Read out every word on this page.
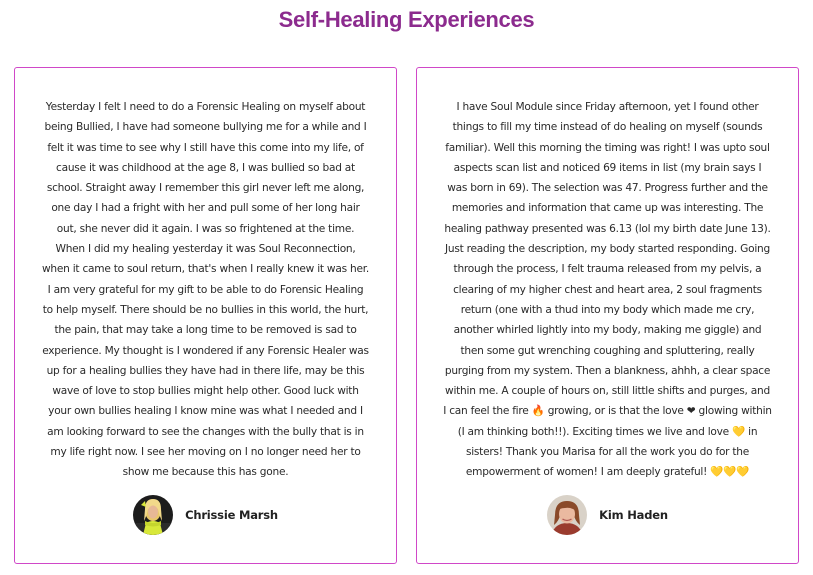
Self-Healing Experiences
Yesterday I felt I need to do a Forensic Healing on myself about being Bullied, I have had someone bullying me for a while and I felt it was time to see why I still have this come into my life, of cause it was childhood at the age 8, I was bullied so bad at school. Straight away I remember this girl never left me along, one day I had a fright with her and pull some of her long hair out, she never did it again. I was so frightened at the time. When I did my healing yesterday it was Soul Reconnection, when it came to soul return, that's when I really knew it was her. I am very grateful for my gift to be able to do Forensic Healing to help myself. There should be no bullies in this world, the hurt, the pain, that may take a long time to be removed is sad to experience. My thought is I wondered if any Forensic Healer was up for a healing bullies they have had in there life, may be this wave of love to stop bullies might help other. Good luck with your own bullies healing I know mine was what I needed and I am looking forward to see the changes with the bully that is in my life right now. I see her moving on I no longer need her to show me because this has gone.
Chrissie Marsh
I have Soul Module since Friday afternoon, yet I found other things to fill my time instead of do healing on myself (sounds familiar). Well this morning the timing was right! I was upto soul aspects scan list and noticed 69 items in list (my brain says I was born in 69). The selection was 47. Progress further and the memories and information that came up was interesting. The healing pathway presented was 6.13 (lol my birth date June 13). Just reading the description, my body started responding. Going through the process, I felt trauma released from my pelvis, a clearing of my higher chest and heart area, 2 soul fragments return (one with a thud into my body which made me cry, another whirled lightly into my body, making me giggle) and then some gut wrenching coughing and spluttering, really purging from my system. Then a blankness, ahhh, a clear space within me. A couple of hours on, still little shifts and purges, and I can feel the fire 🔥 growing, or is that the love ❤ glowing within (I am thinking both!!). Exciting times we live and love 💛 in sisters! Thank you Marisa for all the work you do for the empowerment of women! I am deeply grateful! 💛💛💛
Kim Haden
